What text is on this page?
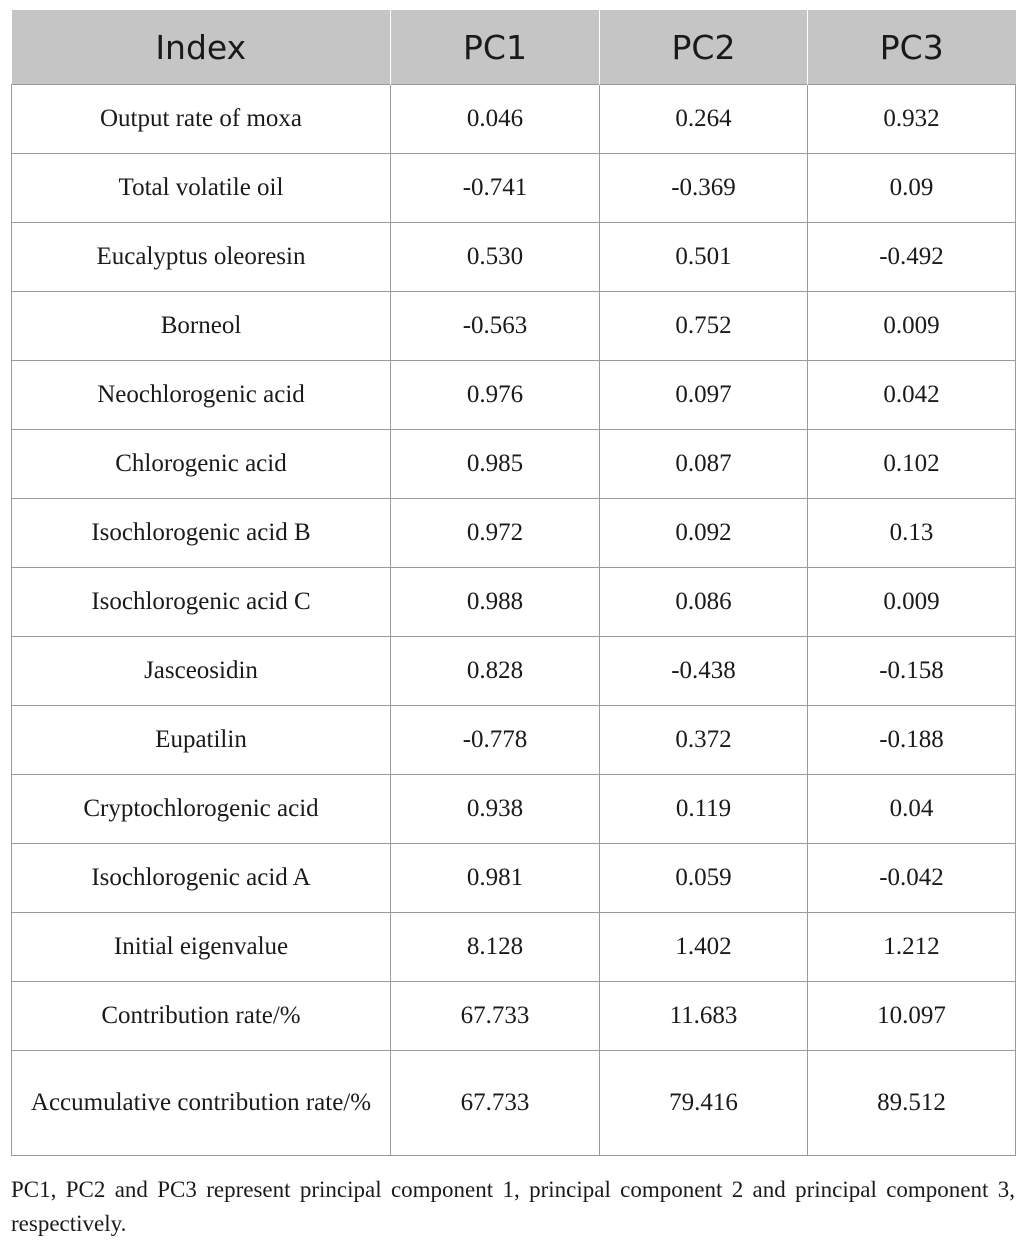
Index	PC1	PC2	PC3
Output rate of moxa	0.046	0.264	0.932
Total volatile oil	-0.741	-0.369	0.09
Eucalyptus oleoresin	0.530	0.501	-0.492
Borneol	-0.563	0.752	0.009
Neochlorogenic acid	0.976	0.097	0.042
Chlorogenic acid	0.985	0.087	0.102
Isochlorogenic acid B	0.972	0.092	0.13
Isochlorogenic acid C	0.988	0.086	0.009
Jasceosidin	0.828	-0.438	-0.158
Eupatilin	-0.778	0.372	-0.188
Cryptochlorogenic acid	0.938	0.119	0.04
Isochlorogenic acid A	0.981	0.059	-0.042
Initial eigenvalue	8.128	1.402	1.212
Contribution rate/%	67.733	11.683	10.097
Accumulative contribution rate/%	67.733	79.416	89.512

PC1, PC2 and PC3 represent principal component 1, principal component 2 and principal component 3, respectively.
